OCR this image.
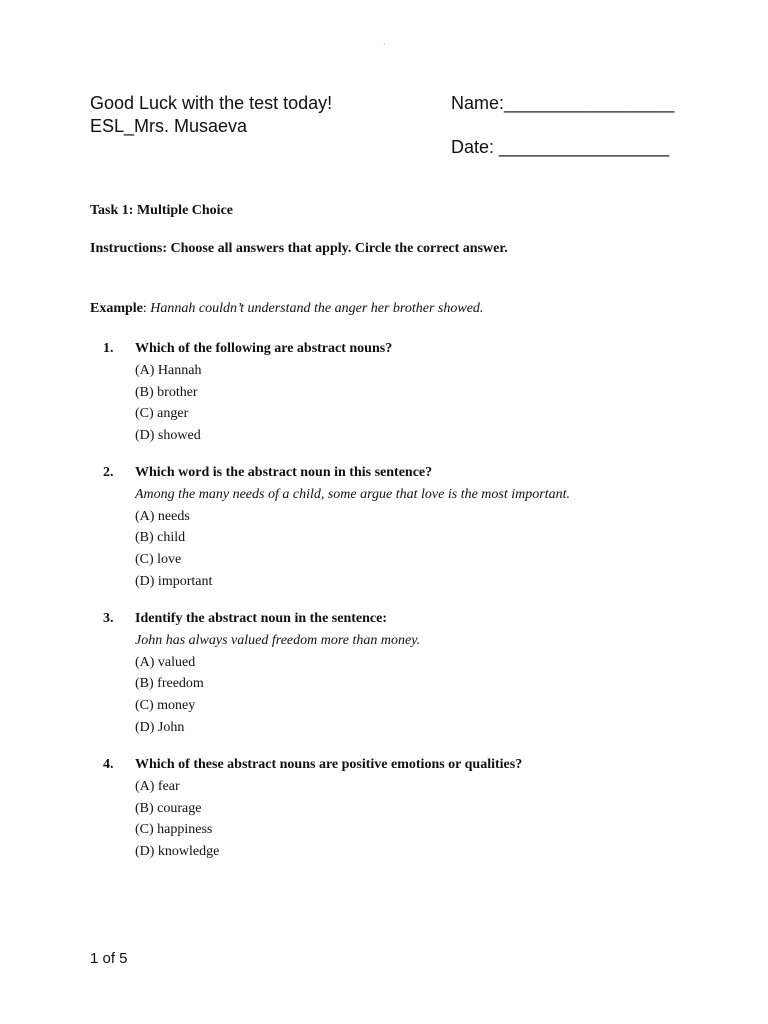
·
Good Luck with the test today!
ESL_Mrs. Musaeva
Name:_________________
Date: _________________
Task 1: Multiple Choice
Instructions: Choose all answers that apply. Circle the correct answer.
Example: Hannah couldn’t understand the anger her brother showed.
1. Which of the following are abstract nouns?
(A) Hannah
(B) brother
(C) anger
(D) showed
2. Which word is the abstract noun in this sentence?
Among the many needs of a child, some argue that love is the most important.
(A) needs
(B) child
(C) love
(D) important
3. Identify the abstract noun in the sentence:
John has always valued freedom more than money.
(A) valued
(B) freedom
(C) money
(D) John
4. Which of these abstract nouns are positive emotions or qualities?
(A) fear
(B) courage
(C) happiness
(D) knowledge
1 of 5
